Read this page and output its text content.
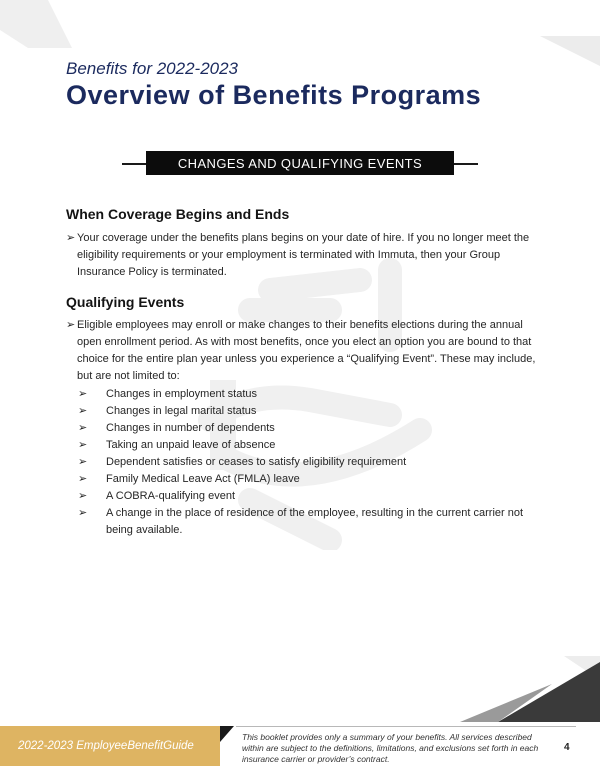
Benefits for 2022-2023
Overview of Benefits Programs
CHANGES AND QUALIFYING EVENTS
When Coverage Begins and Ends
➢ Your coverage under the benefits plans begins on your date of hire. If you no longer meet the eligibility requirements or your employment is terminated with Immuta, then your Group Insurance Policy is terminated.
Qualifying Events
➢ Eligible employees may enroll or make changes to their benefits elections during the annual open enrollment period. As with most benefits, once you elect an option you are bound to that choice for the entire plan year unless you experience a “Qualifying Event”. These may include, but are not limited to:
➢ Changes in employment status
➢ Changes in legal marital status
➢ Changes in number of dependents
➢ Taking an unpaid leave of absence
➢ Dependent satisfies or ceases to satisfy eligibility requirement
➢ Family Medical Leave Act (FMLA) leave
➢ A COBRA-qualifying event
➢ A change in the place of residence of the employee, resulting in the current carrier not being available.
2022-2023 EmployeeBenefitGuide
This booklet provides only a summary of your benefits. All services described within are subject to the definitions, limitations, and exclusions set forth in each insurance carrier or provider’s contract.
4
